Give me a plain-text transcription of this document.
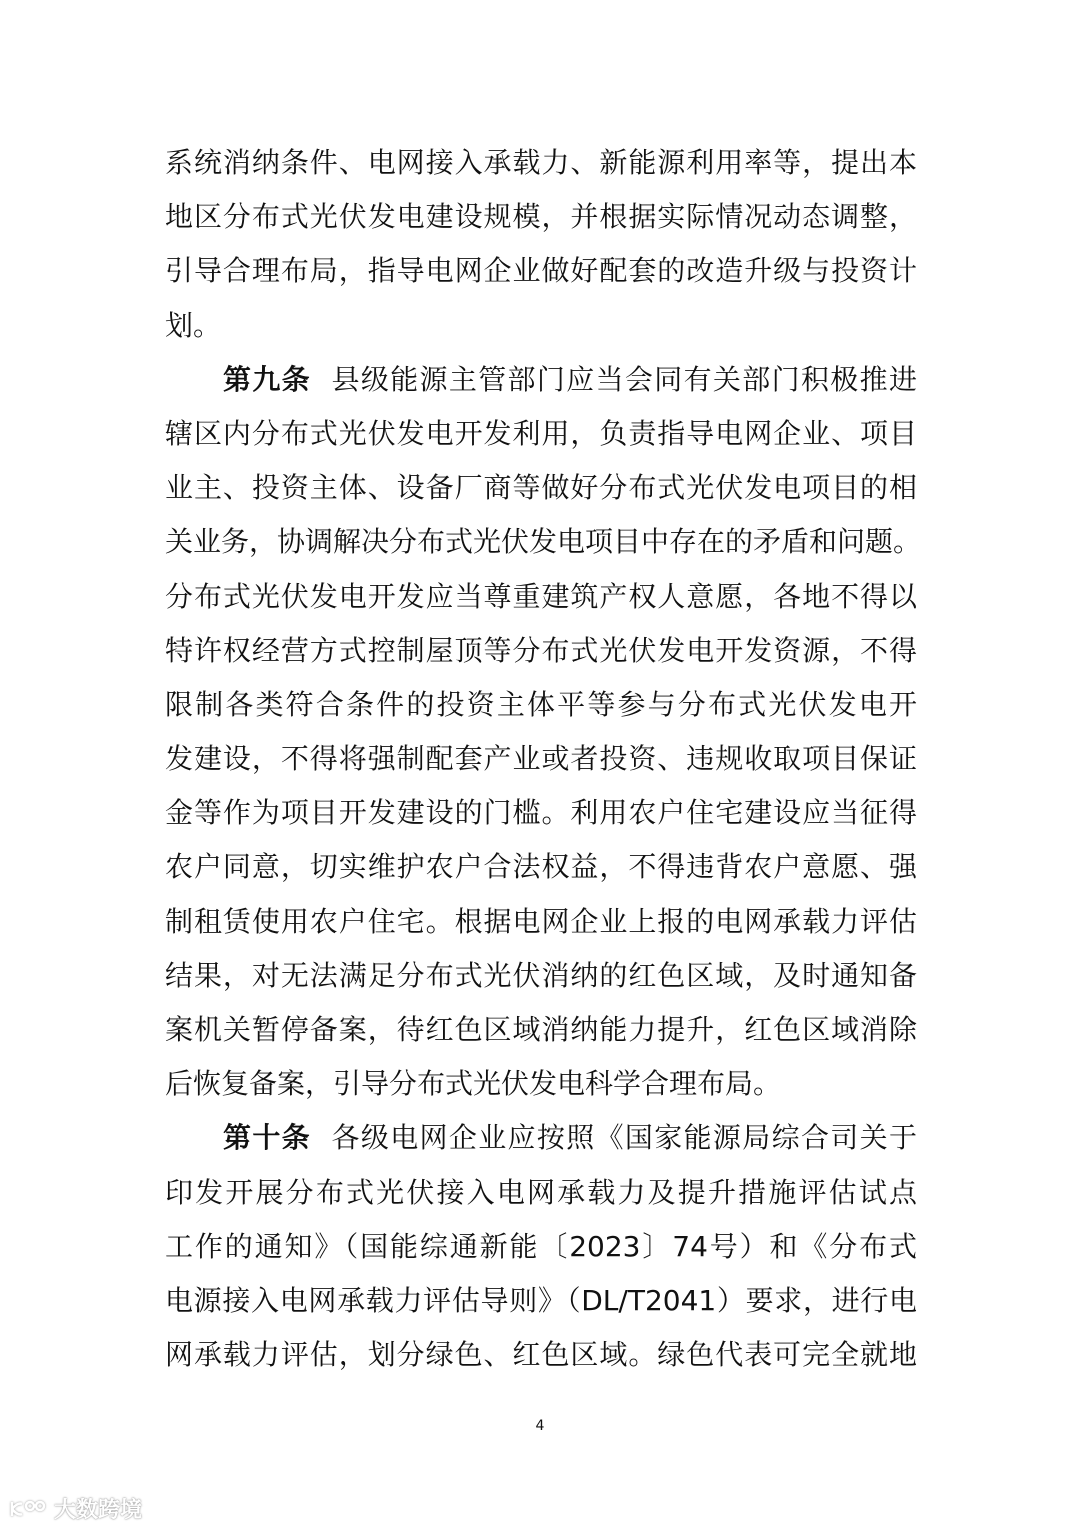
系统消纳条件、电网接入承载力、新能源利用率等，提出本
地区分布式光伏发电建设规模，并根据实际情况动态调整，
引导合理布局，指导电网企业做好配套的改造升级与投资计
划。
第九条 县级能源主管部门应当会同有关部门积极推进
辖区内分布式光伏发电开发利用，负责指导电网企业、项目
业主、投资主体、设备厂商等做好分布式光伏发电项目的相
关业务，协调解决分布式光伏发电项目中存在的矛盾和问题。
分布式光伏发电开发应当尊重建筑产权人意愿，各地不得以
特许权经营方式控制屋顶等分布式光伏发电开发资源，不得
限制各类符合条件的投资主体平等参与分布式光伏发电开
发建设，不得将强制配套产业或者投资、违规收取项目保证
金等作为项目开发建设的门槛。利用农户住宅建设应当征得
农户同意，切实维护农户合法权益，不得违背农户意愿、强
制租赁使用农户住宅。根据电网企业上报的电网承载力评估
结果，对无法满足分布式光伏消纳的红色区域，及时通知备
案机关暂停备案，待红色区域消纳能力提升，红色区域消除
后恢复备案，引导分布式光伏发电科学合理布局。
第十条 各级电网企业应按照《国家能源局综合司关于
印发开展分布式光伏接入电网承载力及提升措施评估试点
工作的通知》（国能综通新能〔2023〕74号）和《分布式
电源接入电网承载力评估导则》（DL/T2041）要求，进行电
网承载力评估，划分绿色、红色区域。绿色代表可完全就地
4
大数跨境
